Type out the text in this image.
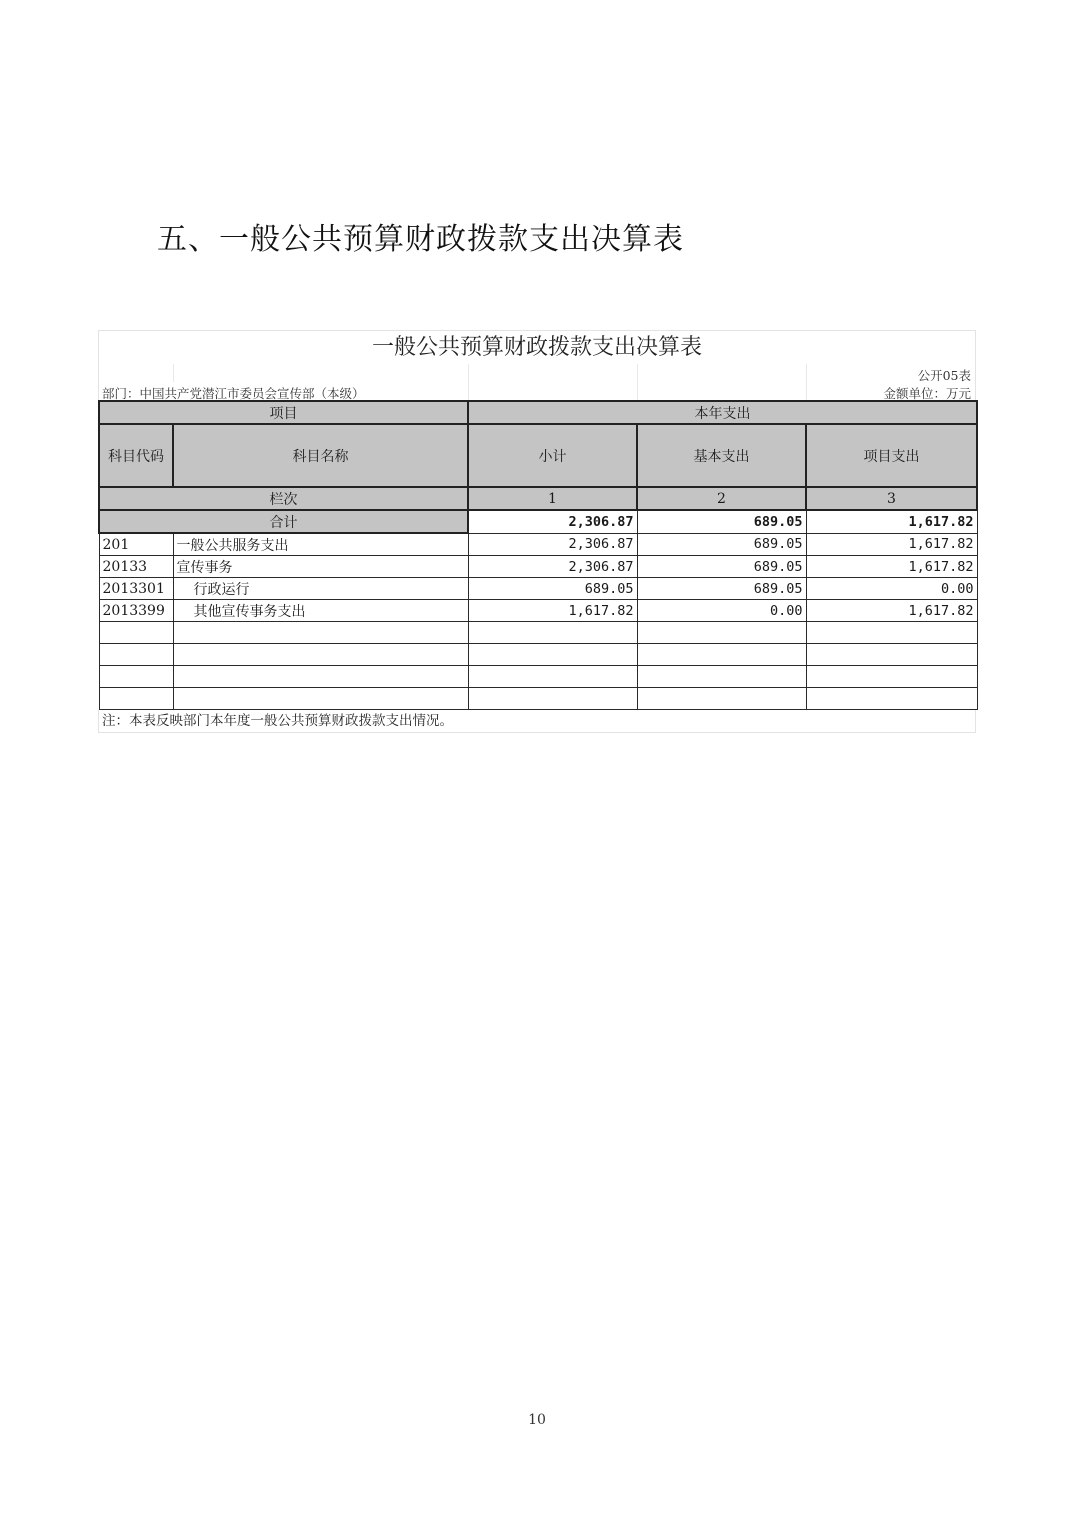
五、一般公共预算财政拨款支出决算表
一般公共预算财政拨款支出决算表
公开05表
部门：中国共产党潜江市委员会宣传部（本级）	金额单位：万元
项目		本年支出		
科目代码	科目名称	小计	基本支出	项目支出
栏次		1	2	3
合计		2,306.87	689.05	1,617.82
201	一般公共服务支出	2,306.87	689.05	1,617.82
20133	宣传事务	2,306.87	689.05	1,617.82
2013301	行政运行	689.05	689.05	0.00
2013399	其他宣传事务支出	1,617.82	0.00	1,617.82

注：本表反映部门本年度一般公共预算财政拨款支出情况。
10
